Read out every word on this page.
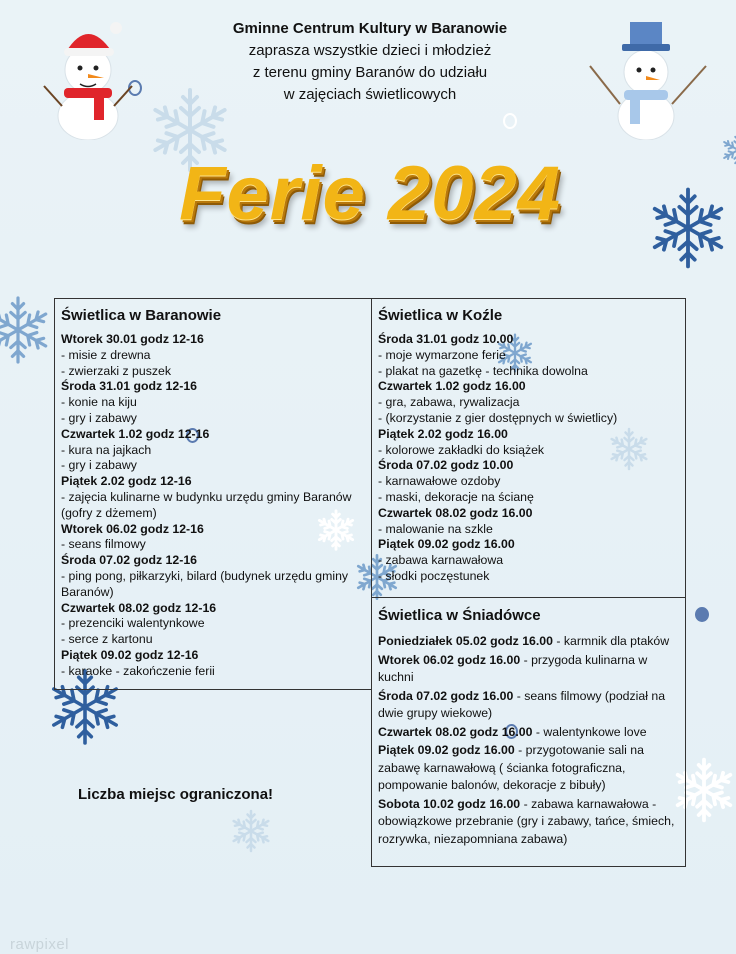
Gminne Centrum Kultury w Baranowie
zaprasza wszystkie dzieci i młodzież
z terenu gminy Baranów do udziału
w zajęciach świetlicowych
Ferie 2024
Świetlica w Baranowie
Wtorek 30.01 godz 12-16
- misie z drewna
- zwierzaki z puszek
Środa 31.01 godz 12-16
- konie na kiju
- gry i zabawy
Czwartek 1.02 godz 12-16
- kura na jajkach
- gry i zabawy
Piątek 2.02 godz 12-16
- zajęcia kulinarne w budynku urzędu gminy Baranów (gofry z dżemem)
Wtorek 06.02 godz 12-16
- seans filmowy
Środa 07.02 godz 12-16
- ping pong, piłkarzyki, bilard (budynek urzędu gminy Baranów)
Czwartek 08.02 godz 12-16
- prezenciki walentynkowe
- serce z kartonu
Piątek 09.02 godz 12-16
- karaoke - zakończenie ferii
Świetlica w Koźle
Środa 31.01 godz 10.00
- moje wymarzone ferie
- plakat na gazetkę - technika dowolna
Czwartek 1.02 godz 16.00
- gra, zabawa, rywalizacja
- (korzystanie z gier dostępnych w świetlicy)
Piątek 2.02 godz 16.00
- kolorowe zakładki do książek
Środa 07.02 godz 10.00
- karnawałowe ozdoby
- maski, dekoracje na ścianę
Czwartek 08.02 godz 16.00
- malowanie na szkle
Piątek 09.02 godz 16.00
- zabawa karnawałowa
- słodki poczęstunek
Świetlica w Śniadówce

Poniedziałek 05.02 godz 16.00 - karmnik dla ptaków

Wtorek 06.02 godz 16.00 - przygoda kulinarna w kuchni

Środa 07.02 godz 16.00 - seans filmowy (podział na dwie grupy wiekowe)

Czwartek 08.02 godz 16.00 - walentynkowe love

Piątek 09.02 godz 16.00 - przygotowanie sali na zabawę karnawałową ( ścianka fotograficzna, pompowanie balonów, dekoracje z bibuły)

Sobota 10.02 godz 16.00 - zabawa karnawałowa - obowiązkowe przebranie (gry i zabawy, tańce, śmiech, rozrywka, niezapomniana zabawa)

Liczba miejsc ograniczona!
rawpixel
